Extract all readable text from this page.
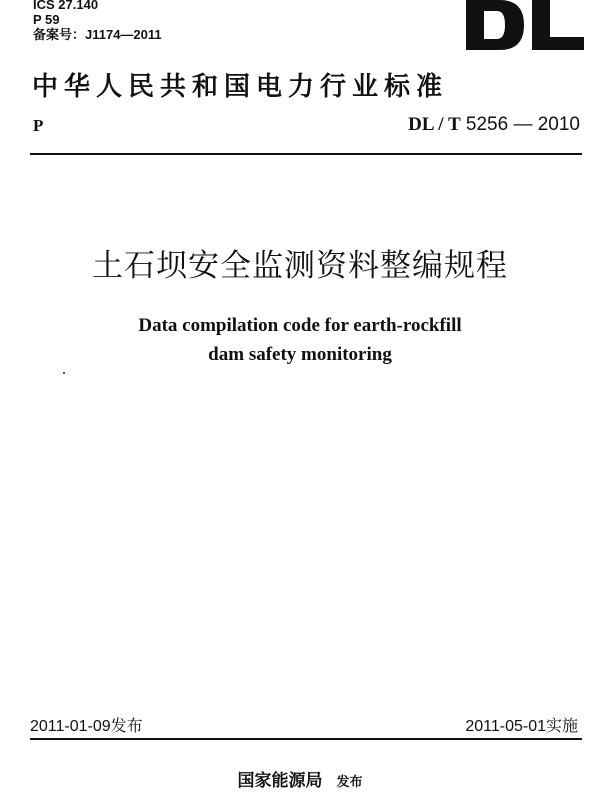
ICS 27.140
P 59
备案号：J1174—2011
中华人民共和国电力行业标准
P	DL / T 5256 — 2010
土石坝安全监测资料整编规程
Data compilation code for earth-rockfill
dam safety monitoring
2011-01-09发布	2011-05-01实施
国家能源局 发布
